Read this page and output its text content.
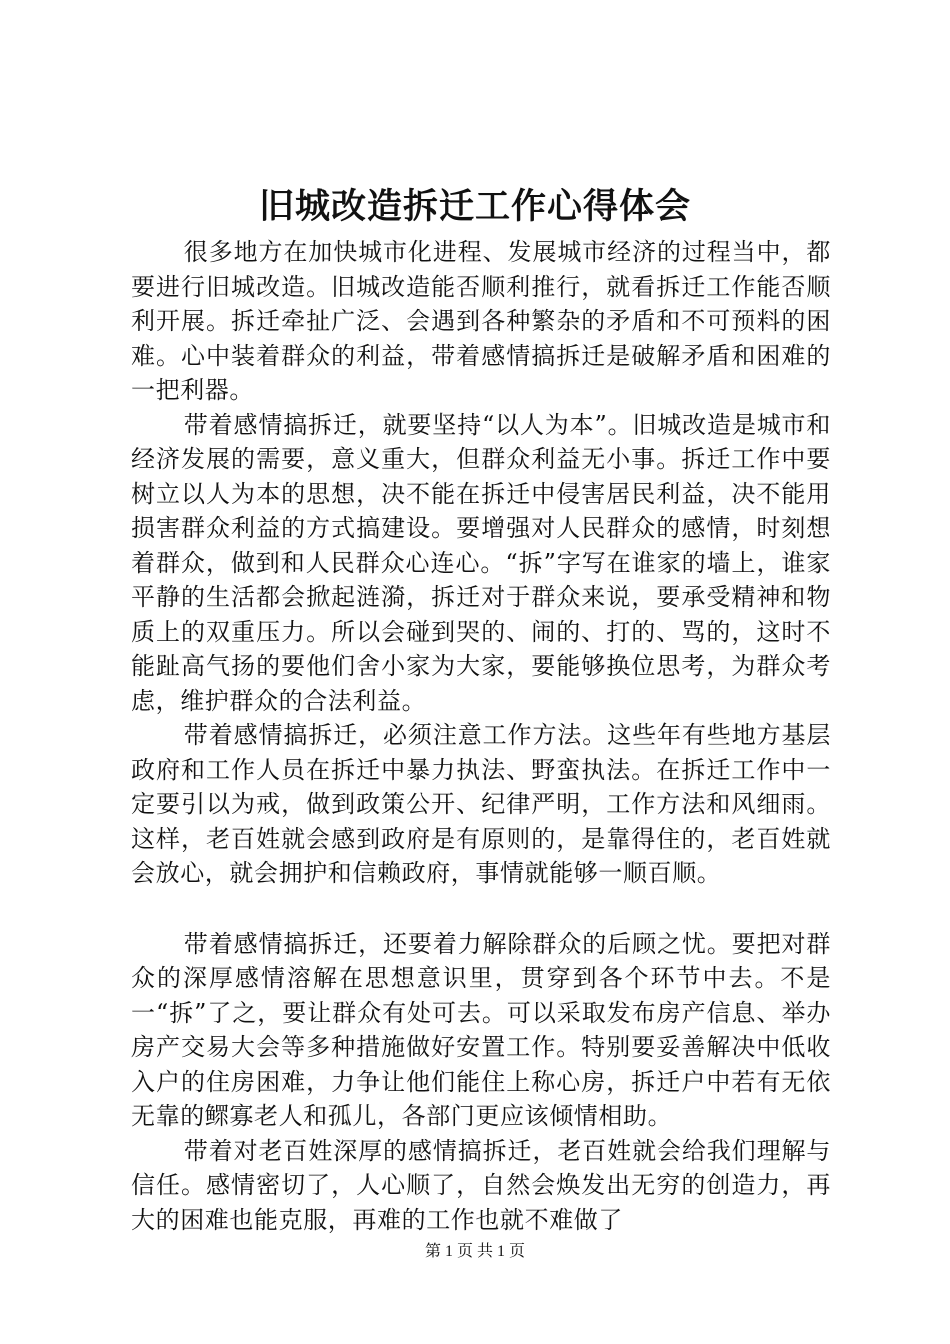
旧城改造拆迁工作心得体会

很多地方在加快城市化进程、发展城市经济的过程当中，都要进行旧城改造。旧城改造能否顺利推行，就看拆迁工作能否顺利开展。拆迁牵扯广泛、会遇到各种繁杂的矛盾和不可预料的困难。心中装着群众的利益，带着感情搞拆迁是破解矛盾和困难的一把利器。

带着感情搞拆迁，就要坚持“以人为本”。旧城改造是城市和经济发展的需要，意义重大，但群众利益无小事。拆迁工作中要树立以人为本的思想，决不能在拆迁中侵害居民利益，决不能用损害群众利益的方式搞建设。要增强对人民群众的感情，时刻想着群众，做到和人民群众心连心。“拆”字写在谁家的墙上，谁家平静的生活都会掀起涟漪，拆迁对于群众来说，要承受精神和物质上的双重压力。所以会碰到哭的、闹的、打的、骂的，这时不能趾高气扬的要他们舍小家为大家，要能够换位思考，为群众考虑，维护群众的合法利益。

带着感情搞拆迁，必须注意工作方法。这些年有些地方基层政府和工作人员在拆迁中暴力执法、野蛮执法。在拆迁工作中一定要引以为戒，做到政策公开、纪律严明，工作方法和风细雨。这样，老百姓就会感到政府是有原则的，是靠得住的，老百姓就会放心，就会拥护和信赖政府，事情就能够一顺百顺。

带着感情搞拆迁，还要着力解除群众的后顾之忧。要把对群众的深厚感情溶解在思想意识里，贯穿到各个环节中去。不是一“拆”了之，要让群众有处可去。可以采取发布房产信息、举办房产交易大会等多种措施做好安置工作。特别要妥善解决中低收入户的住房困难，力争让他们能住上称心房，拆迁户中若有无依无靠的鳏寡老人和孤儿，各部门更应该倾情相助。

带着对老百姓深厚的感情搞拆迁，老百姓就会给我们理解与信任。感情密切了，人心顺了，自然会焕发出无穷的创造力，再大的困难也能克服，再难的工作也就不难做了

第 1 页 共 1 页
